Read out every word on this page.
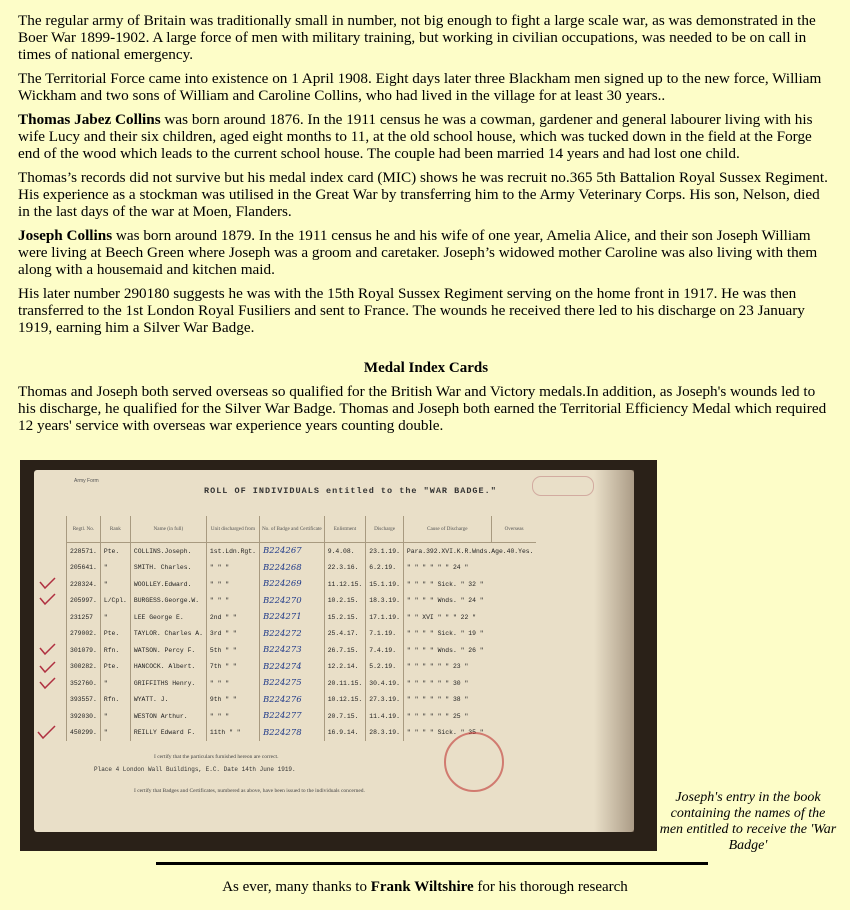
The regular army of Britain was traditionally small in number, not big enough to fight a large scale war, as was demonstrated in the Boer War 1899-1902. A large force of men with military training, but working in civilian occupations, was needed to be on call in times of national emergency.

The Territorial Force came into existence on 1 April 1908. Eight days later three Blackham men signed up to the new force, William Wickham and two sons of William and Caroline Collins, who had lived in the village for at least 30 years..

Thomas Jabez Collins was born around 1876. In the 1911 census he was a cowman, gardener and general labourer living with his wife Lucy and their six children, aged eight months to 11, at the old school house, which was tucked down in the field at the Forge end of the wood which leads to the current school house. The couple had been married 14 years and had lost one child.

Thomas’s records did not survive but his medal index card (MIC) shows he was recruit no.365 5th Battalion Royal Sussex Regiment. His experience as a stockman was utilised in the Great War by transferring him to the Army Veterinary Corps. His son, Nelson, died in the last days of the war at Moen, Flanders.

Joseph Collins was born around 1879. In the 1911 census he and his wife of one year, Amelia Alice, and their son Joseph William were living at Beech Green where Joseph was a groom and caretaker. Joseph’s widowed mother Caroline was also living with them along with a housemaid and kitchen maid.

His later number 290180 suggests he was with the 15th Royal Sussex Regiment serving on the home front in 1917. He was then transferred to the 1st London Royal Fusiliers and sent to France. The wounds he received there led to his discharge on 23 January 1919, earning him a Silver War Badge.

Medal Index Cards

Thomas and Joseph both served overseas so qualified for the British War and Victory medals.In addition, as Joseph's wounds led to his discharge, he qualified for the Silver War Badge. Thomas and Joseph both earned the Territorial Efficiency Medal which required 12 years' service with overseas war experience years counting double.

Army Form
ROLL OF INDIVIDUALS entitled to the "WAR BADGE."
Regtl. No.	Rank	Name (in full)	Unit discharged from	No. of Badge and Certificate	Enlistment	Discharge	Cause of Discharge	Overseas
228571.	Pte.	COLLINS.Joseph.	1st.Ldn.Rgt.	B224267	9.4.08.	23.1.19.	Para.392.XVI.K.R.Wnds.Age.40.Yes.	
205641.	"	SMITH. Charles.	" " "	B224268	22.3.16.	6.2.19.	" " " " " " 24 "	
228324.	"	WOOLLEY.Edward.	" " "	B224269	11.12.15.	15.1.19.	" " " " Sick. " 32 "	
205997.	L/Cpl.	BURGESS.George.W.	" " "	B224270	10.2.15.	18.3.19.	" " " " Wnds. " 24 "	
231257	"	LEE George E.	2nd " "	B224271	15.2.15.	17.1.19.	" " XVI " " " 22 "	
279002.	Pte.	TAYLOR. Charles A.	3rd " "	B224272	25.4.17.	7.1.19.	" " " " Sick. " 19 "	
301079.	Rfn.	WATSON. Percy F.	5th " "	B224273	26.7.15.	7.4.19.	" " " " Wnds. " 26 "	
300282.	Pte.	HANCOCK. Albert.	7th " "	B224274	12.2.14.	5.2.19.	" " " " " " 23 "	
352760.	"	GRIFFITHS Henry.	" " "	B224275	20.11.15.	30.4.19.	" " " " " " 30 "	
393557.	Rfn.	WYATT. J.	9th " "	B224276	10.12.15.	27.3.19.	" " " " " " 38 "	
392030.	"	WESTON Arthur.	" " "	B224277	20.7.15.	11.4.19.	" " " " " " 25 "	
450299.	"	REILLY Edward F.	11th " "	B224278	16.9.14.	28.3.19.	" " " " Sick. " 35 "	
I certify that the particulars furnished hereon are correct.
Place 4 London Wall Buildings, E.C. Date 14th June 1919.
I certify that Badges and Certificates, numbered as above, have been issued to the individuals concerned.	Joseph's entry in the book containing the names of the men entitled to receive the 'War Badge'
As ever, many thanks to Frank Wiltshire for his thorough research
